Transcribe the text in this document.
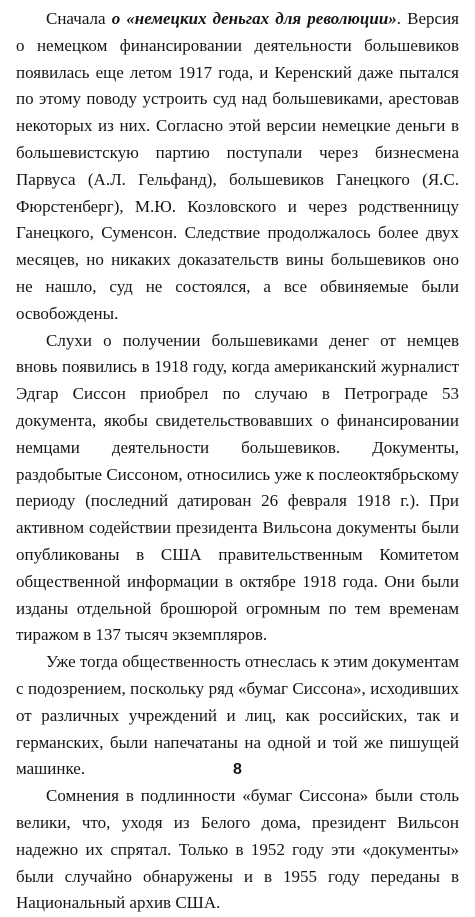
Сначала о «немецких деньгах для революции». Версия о немецком финансировании деятельности большевиков появилась еще летом 1917 года, и Керенский даже пытался по этому поводу устроить суд над большевиками, арестовав некоторых из них. Согласно этой версии немецкие деньги в большевистскую партию поступали через бизнесмена Парвуса (А.Л. Гельфанд), большевиков Ганецкого (Я.С. Фюрстенберг), М.Ю. Козловского и через родственницу Ганецкого, Суменсон. Следствие продолжалось более двух месяцев, но никаких доказательств вины большевиков оно не нашло, суд не состоялся, а все обвиняемые были освобождены.

Слухи о получении большевиками денег от немцев вновь появились в 1918 году, когда американский журналист Эдгар Сиссон приобрел по случаю в Петрограде 53 документа, якобы свидетельствовавших о финансировании немцами деятельности большевиков. Документы, раздобытые Сиссоном, относились уже к послеоктябрьскому периоду (последний датирован 26 февраля 1918 г.). При активном содействии президента Вильсона документы были опубликованы в США правительственным Комитетом общественной информации в октябре 1918 года. Они были изданы отдельной брошюрой огромным по тем временам тиражом в 137 тысяч экземпляров.

Уже тогда общественность отнеслась к этим документам с подозрением, поскольку ряд «бумаг Сиссона», исходивших от различных учреждений и лиц, как российских, так и германских, были напечатаны на одной и той же пишущей машинке.

Сомнения в подлинности «бумаг Сиссона» были столь велики, что, уходя из Белого дома, президент Вильсон надежно их спрятал. Только в 1952 году эти «документы» были случайно обнаружены и в 1955 году переданы в Национальный архив США.

8
